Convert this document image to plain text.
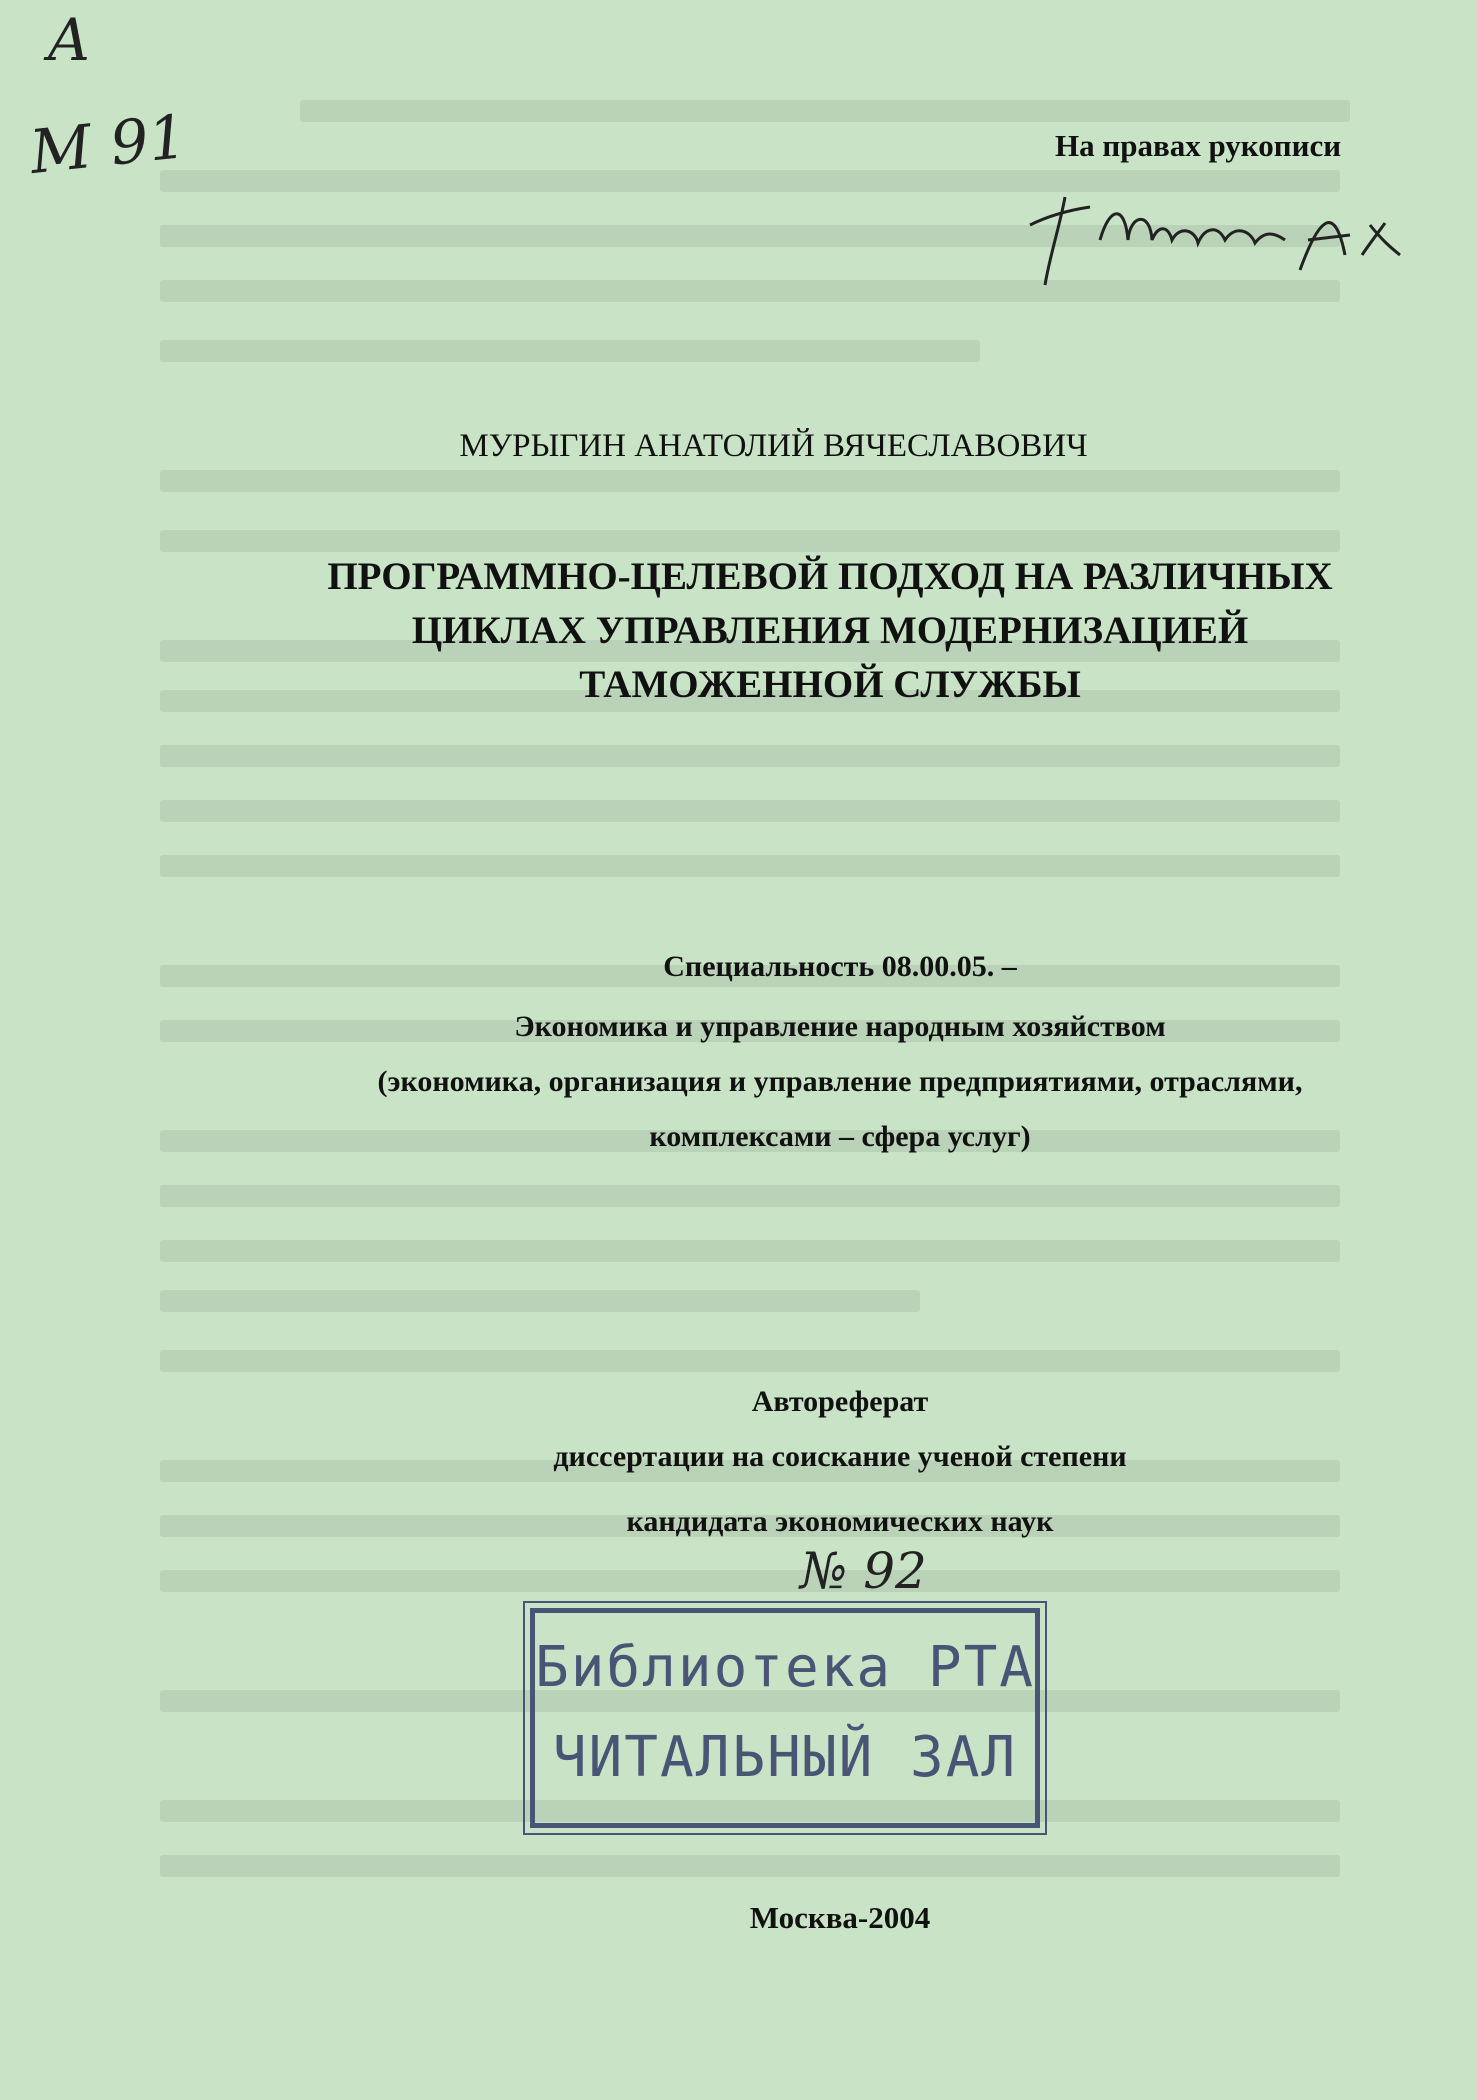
A
M 91	На правах рукописи
МУРЫГИН АНАТОЛИЙ ВЯЧЕСЛАВОВИЧ
ПРОГРАММНО-ЦЕЛЕВОЙ ПОДХОД НА РАЗЛИЧНЫХ
ЦИКЛАХ УПРАВЛЕНИЯ МОДЕРНИЗАЦИЕЙ
ТАМОЖЕННОЙ СЛУЖБЫ
Специальность 08.00.05. –
Экономика и управление народным хозяйством
(экономика, организация и управление предприятиями, отраслями,
комплексами – сфера услуг)
Автореферат
диссертации на соискание ученой степени
кандидата экономических наук
№ 92
Библиотека РТА
ЧИТАЛЬНЫЙ ЗАЛ
Москва-2004
